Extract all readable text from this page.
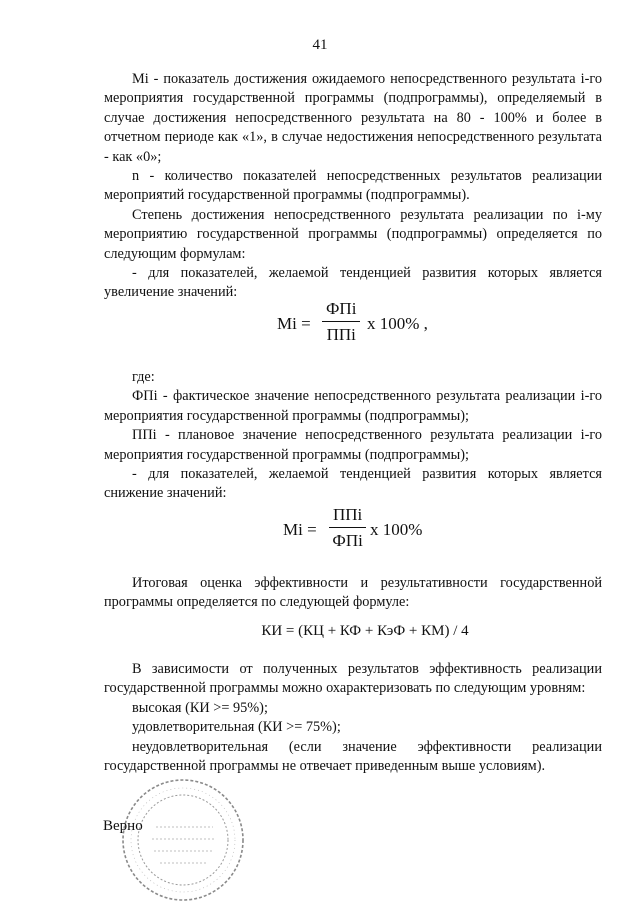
41

Mi - показатель достижения ожидаемого непосредственного результата i-го мероприятия государственной программы (подпрограммы), определяемый в случае достижения непосредственного результата на 80 - 100% и более в отчетном периоде как «1», в случае недостижения непосредственного результата - как «0»;

n - количество показателей непосредственных результатов реализации мероприятий государственной программы (подпрограммы).

Степень достижения непосредственного результата реализации по i-му мероприятию государственной программы (подпрограммы) определяется по следующим формулам:

- для показателей, желаемой тенденцией развития которых является увеличение значений:

Mi =
ФПi
ППi
x 100% ,

где:

ФПi - фактическое значение непосредственного результата реализации i-го мероприятия государственной программы (подпрограммы);

ППi - плановое значение непосредственного результата реализации i-го мероприятия государственной программы (подпрограммы);

- для показателей, желаемой тенденцией развития которых является снижение значений:

Mi =
ППi
ФПi
x 100%

Итоговая оценка эффективности и результативности государственной программы определяется по следующей формуле:

КИ = (КЦ + КФ + КэФ + КМ) / 4

В зависимости от полученных результатов эффективность реализации государственной программы можно охарактеризовать по следующим уровням:

высокая (КИ >= 95%);

удовлетворительная (КИ >= 75%);

неудовлетворительная (если значение эффективности реализации государственной программы не отвечает приведенным выше условиям).

Верно
